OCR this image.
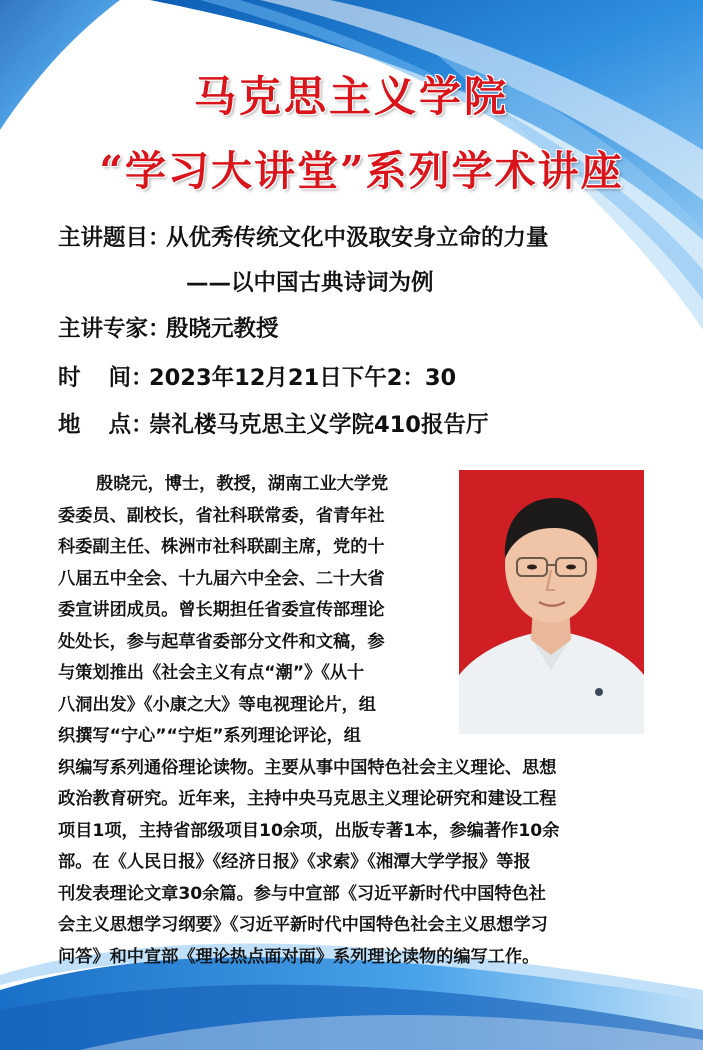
马克思主义学院
“学习大讲堂”系列学术讲座
主讲题目：从优秀传统文化中汲取安身立命的力量
——以中国古典诗词为例
主讲专家：殷晓元教授
时 间 ：2023年12月21日下午2：30
地 点 ：崇礼楼马克思主义学院410报告厅
殷晓元，博士，教授，湖南工业大学党
委委员、副校长，省社科联常委，省青年社
科委副主任、株洲市社科联副主席，党的十
八届五中全会、十九届六中全会、二十大省
委宣讲团成员。曾长期担任省委宣传部理论
处处长，参与起草省委部分文件和文稿，参
与策划推出《社会主义有点“潮”》《从十
八洞出发》《小康之大》等电视理论片，组
织撰写“宁心”“宁炬”系列理论评论，组
织编写系列通俗理论读物。主要从事中国特色社会主义理论、思想
政治教育研究。近年来，主持中央马克思主义理论研究和建设工程
项目1项，主持省部级项目10余项，出版专著1本，参编著作10余
部。在《人民日报》《经济日报》《求索》《湘潭大学学报》等报
刊发表理论文章30余篇。参与中宣部《习近平新时代中国特色社
会主义思想学习纲要》《习近平新时代中国特色社会主义思想学习
问答》和中宣部《理论热点面对面》系列理论读物的编写工作。
